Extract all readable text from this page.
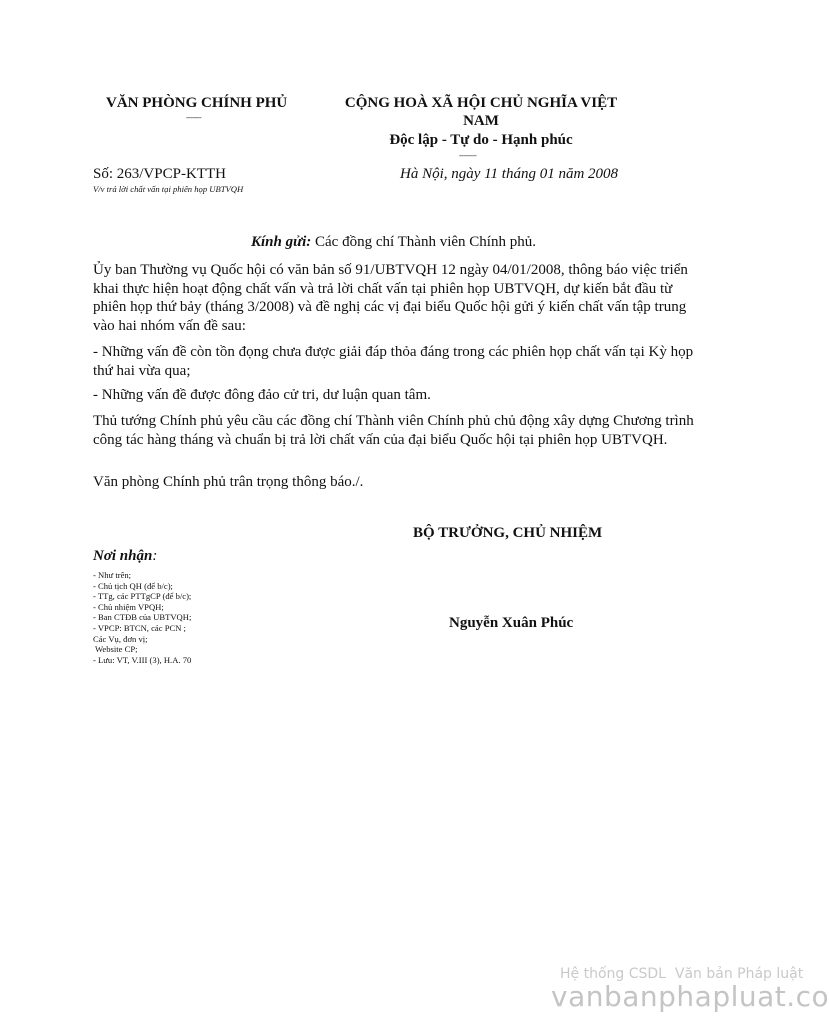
VĂN PHÒNG CHÍNH PHỦ
-------
CỘNG HOÀ XÃ HỘI CHỦ NGHĨA VIỆT
NAM
Độc lập - Tự do - Hạnh phúc
--------
Số: 263/VPCP-KTTH
V/v trả lời chất vấn tại phiên họp UBTVQH
Hà Nội, ngày 11 tháng 01 năm 2008
Kính gửi: Các đồng chí Thành viên Chính phủ.
Ủy ban Thường vụ Quốc hội có văn bản số 91/UBTVQH 12 ngày 04/01/2008, thông báo việc triển khai thực hiện hoạt động chất vấn và trả lời chất vấn tại phiên họp UBTVQH, dự kiến bắt đầu từ phiên họp thứ bảy (tháng 3/2008) và đề nghị các vị đại biểu Quốc hội gửi ý kiến chất vấn tập trung vào hai nhóm vấn đề sau:
- Những vấn đề còn tồn đọng chưa được giải đáp thỏa đáng trong các phiên họp chất vấn tại Kỳ họp thứ hai vừa qua;
- Những vấn đề được đông đảo cử tri, dư luận quan tâm.
Thủ tướng Chính phủ yêu cầu các đồng chí Thành viên Chính phủ chủ động xây dựng Chương trình công tác hàng tháng và chuẩn bị trả lời chất vấn của đại biểu Quốc hội tại phiên họp UBTVQH.
Văn phòng Chính phủ trân trọng thông báo./.
BỘ TRƯỞNG, CHỦ NHIỆM
Nguyễn Xuân Phúc
Nơi nhận:
- Như trên;
- Chủ tịch QH (để b/c);
- TTg, các PTTgCP (để b/c);
- Chủ nhiệm VPQH;
- Ban CTĐB của UBTVQH;
- VPCP: BTCN, các PCN ;
Các Vụ, đơn vị;
Website CP;
- Lưu: VT, V.III (3), H.A. 70
Hệ thống CSDL  Văn bản Pháp luật
vanbanphapluat.co
